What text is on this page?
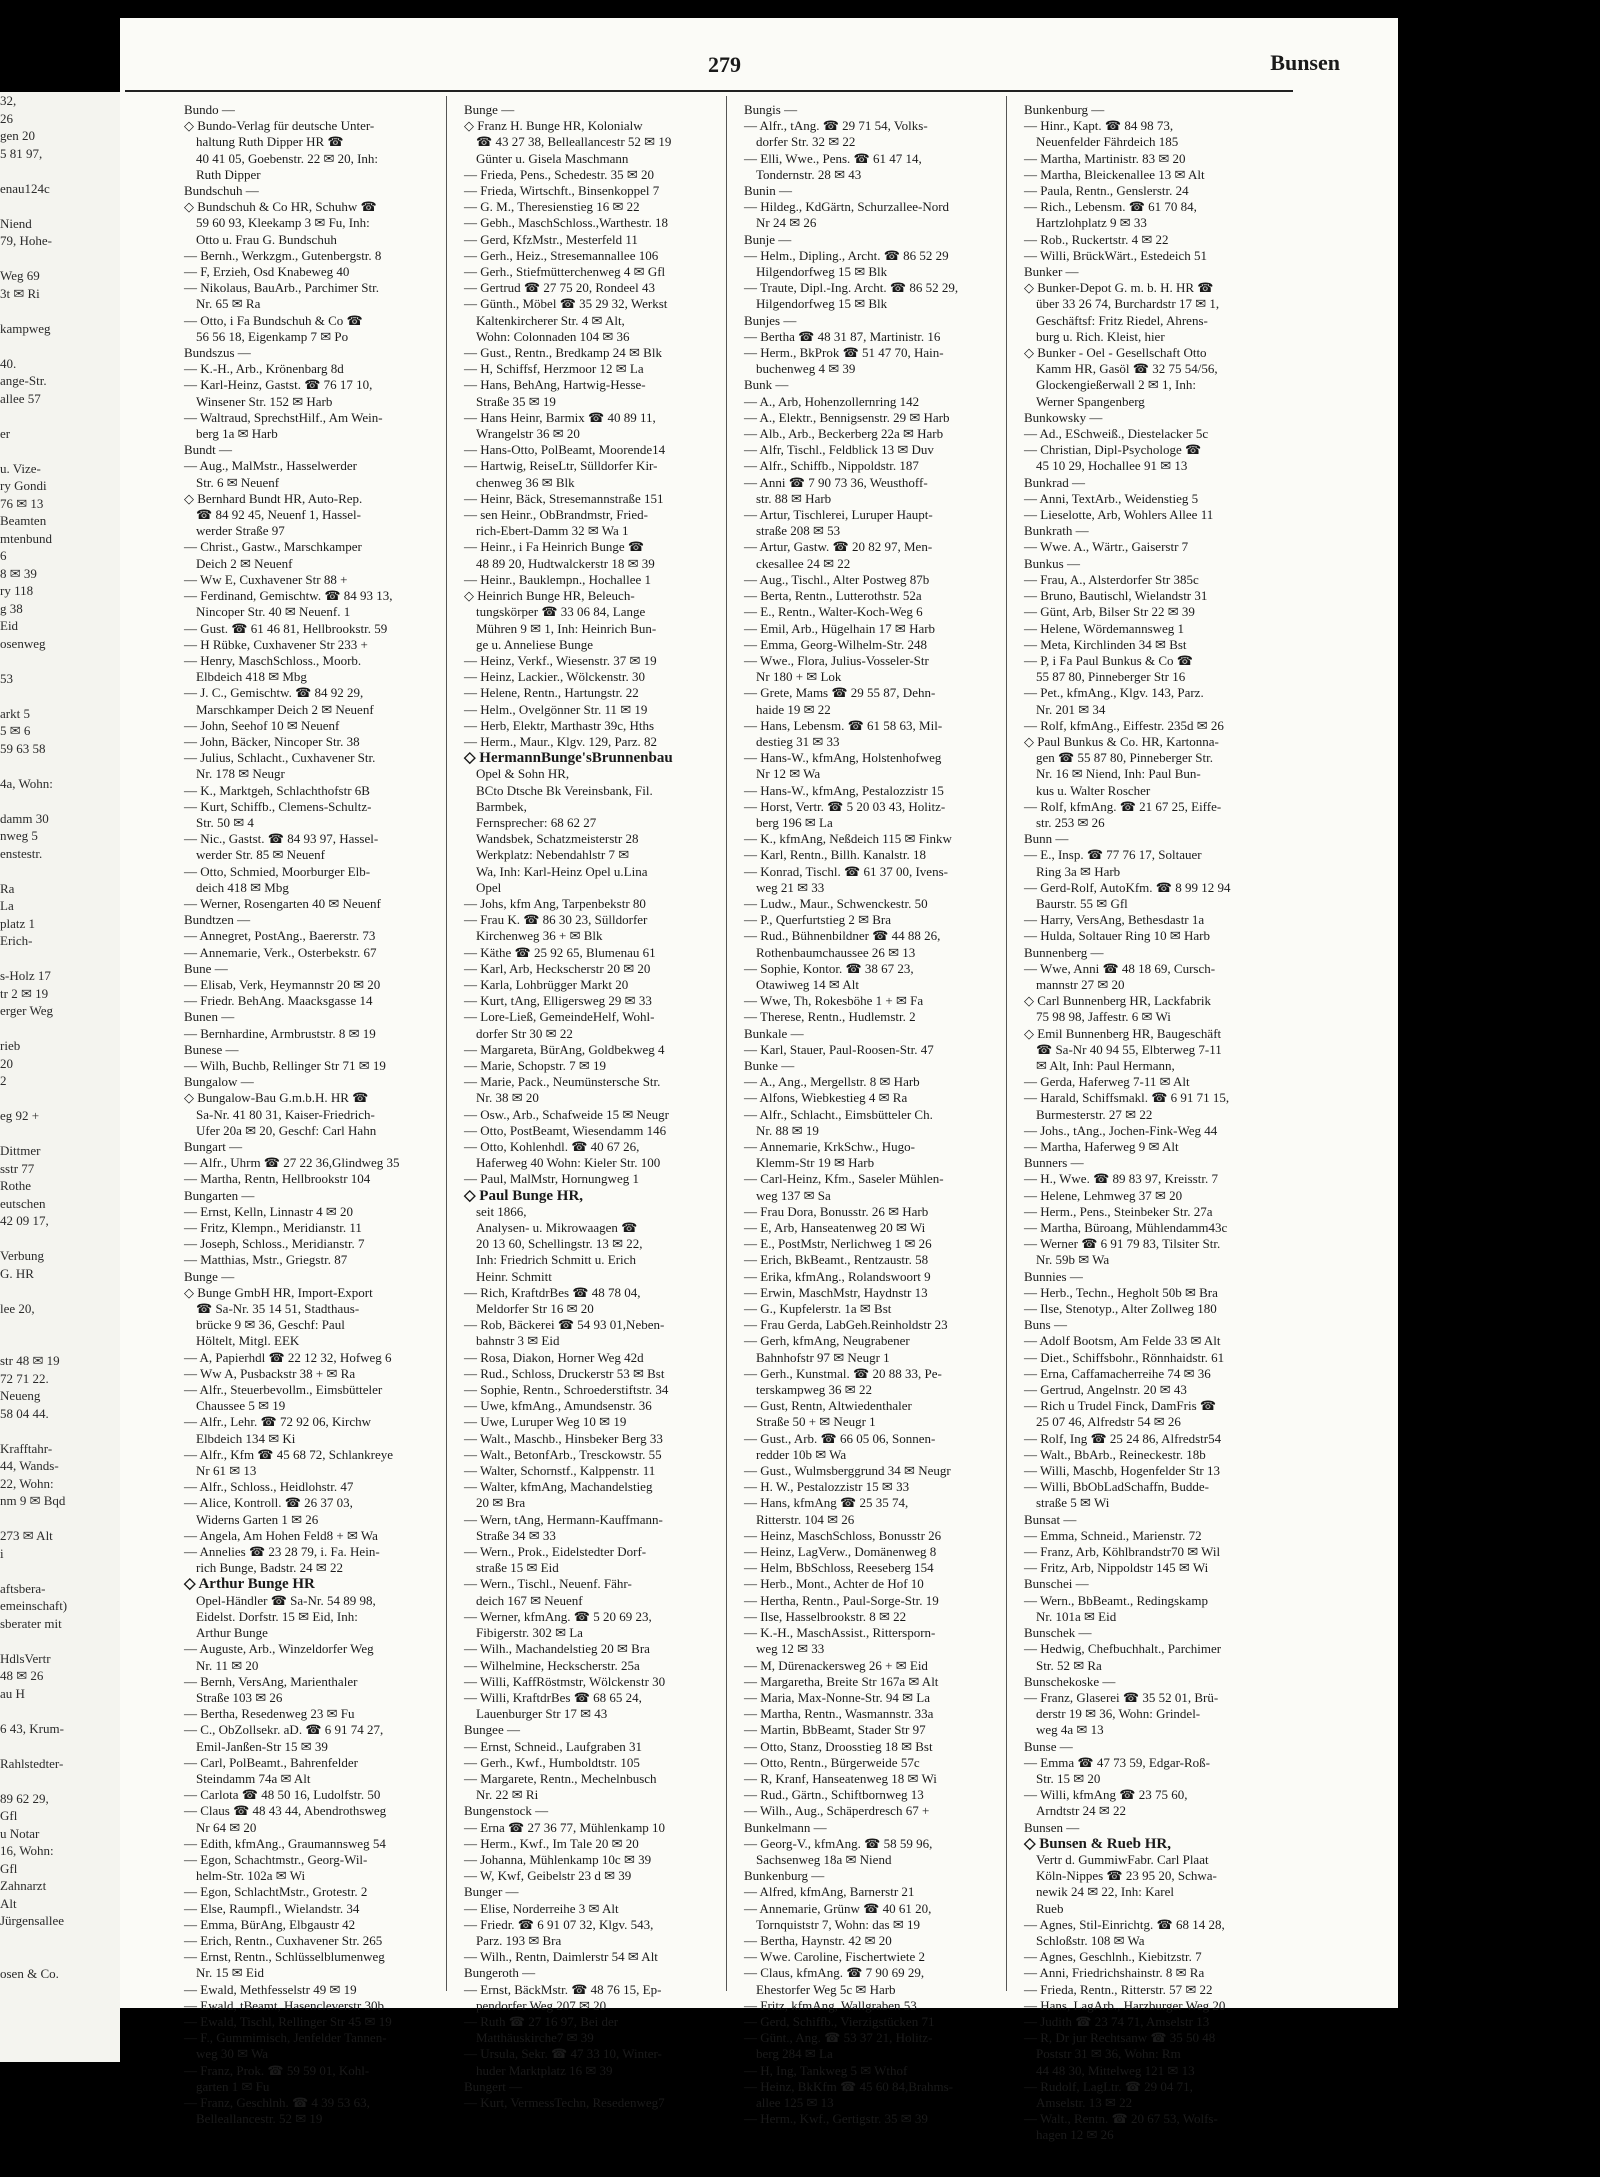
32,
26
gen 20
5 81 97,

enau124c

Niend
79, Hohe-

Weg 69
3t ✉ Ri

kampweg

40.
ange-Str.
allee 57

er

u. Vize-
ry Gondi
76 ✉ 13
Beamten
mtenbund
6
8 ✉ 39
ry 118
g 38
Eid
osenweg

53

arkt 5
5 ✉ 6
59 63 58

4a, Wohn:

damm 30
nweg 5
enstestr.

Ra
La
platz 1
Erich-

s-Holz 17
tr 2 ✉ 19
erger Weg

rieb
20
2

eg 92 +

Dittmer
sstr 77
Rothe
eutschen
42 09 17,

Verbung
G. HR

lee 20,

str 48 ✉ 19
72 71 22.
Neueng
58 04 44.

Krafftahr-
44, Wands-
22, Wohn:
nm 9 ✉ Bqd

273 ✉ Alt
i

aftsbera-
emeinschaft)
sberater mit

HdlsVertr
48 ✉ 26
au H

6 43, Krum-

Rahlstedter-

89 62 29,
Gfl
u Notar
16, Wohn:
Gfl
Zahnarzt
Alt
Jürgensallee

osen & Co.
279	Bunsen
Bundo —
◇ Bundo-Verlag für deutsche Unter-
haltung Ruth Dipper HR ☎
40 41 05, Goebenstr. 22 ✉ 20, Inh:
Ruth Dipper
Bundschuh —
◇ Bundschuh & Co HR, Schuhw ☎
59 60 93, Kleekamp 3 ✉ Fu, Inh:
Otto u. Frau G. Bundschuh
— Bernh., Werkzgm., Gutenbergstr. 8
— F, Erzieh, Osd Knabeweg 40
— Nikolaus, BauArb., Parchimer Str.
Nr. 65 ✉ Ra
— Otto, i Fa Bundschuh & Co ☎
56 56 18, Eigenkamp 7 ✉ Po
Bundszus —
— K.-H., Arb., Krönenbarg 8d
— Karl-Heinz, Gastst. ☎ 76 17 10,
Winsener Str. 152 ✉ Harb
— Waltraud, SprechstHilf., Am Wein-
berg 1a ✉ Harb
Bundt —
— Aug., MalMstr., Hasselwerder
Str. 6 ✉ Neuenf
◇ Bernhard Bundt HR, Auto-Rep.
☎ 84 92 45, Neuenf 1, Hassel-
werder Straße 97
— Christ., Gastw., Marschkamper
Deich 2 ✉ Neuenf
— Ww E, Cuxhavener Str 88 +
— Ferdinand, Gemischtw. ☎ 84 93 13,
Nincoper Str. 40 ✉ Neuenf. 1
— Gust. ☎ 61 46 81, Hellbrookstr. 59
— H Rübke, Cuxhavener Str 233 +
— Henry, MaschSchloss., Moorb.
Elbdeich 418 ✉ Mbg
— J. C., Gemischtw. ☎ 84 92 29,
Marschkamper Deich 2 ✉ Neuenf
— John, Seehof 10 ✉ Neuenf
— John, Bäcker, Nincoper Str. 38
— Julius, Schlacht., Cuxhavener Str.
Nr. 178 ✉ Neugr
— K., Marktgeh, Schlachthofstr 6B
— Kurt, Schiffb., Clemens-Schultz-
Str. 50 ✉ 4
— Nic., Gastst. ☎ 84 93 97, Hassel-
werder Str. 85 ✉ Neuenf
— Otto, Schmied, Moorburger Elb-
deich 418 ✉ Mbg
— Werner, Rosengarten 40 ✉ Neuenf
Bundtzen —
— Annegret, PostAng., Baererstr. 73
— Annemarie, Verk., Osterbekstr. 67
Bune —
— Elisab, Verk, Heymannstr 20 ✉ 20
— Friedr. BehAng. Maacksgasse 14
Bunen —
— Bernhardine, Armbruststr. 8 ✉ 19
Bunese —
— Wilh, Buchb, Rellinger Str 71 ✉ 19
Bungalow —
◇ Bungalow-Bau G.m.b.H. HR ☎
Sa-Nr. 41 80 31, Kaiser-Friedrich-
Ufer 20a ✉ 20, Geschf: Carl Hahn
Bungart —
— Alfr., Uhrm ☎ 27 22 36,Glindweg 35
— Martha, Rentn, Hellbrookstr 104
Bungarten —
— Ernst, Kelln, Linnastr 4 ✉ 20
— Fritz, Klempn., Meridianstr. 11
— Joseph, Schloss., Meridianstr. 7
— Matthias, Mstr., Griegstr. 87
Bunge —
◇ Bunge GmbH HR, Import-Export
☎ Sa-Nr. 35 14 51, Stadthaus-
brücke 9 ✉ 36, Geschf: Paul
Höltelt, Mitgl. EEK
— A, Papierhdl ☎ 22 12 32, Hofweg 6
— Ww A, Pusbackstr 38 + ✉ Ra
— Alfr., Steuerbevollm., Eimsbütteler
Chaussee 5 ✉ 19
— Alfr., Lehr. ☎ 72 92 06, Kirchw
Elbdeich 134 ✉ Ki
— Alfr., Kfm ☎ 45 68 72, Schlankreye
Nr 61 ✉ 13
— Alfr., Schloss., Heidlohstr. 47
— Alice, Kontroll. ☎ 26 37 03,
Widerns Garten 1 ✉ 26
— Angela, Am Hohen Feld8 + ✉ Wa
— Annelies ☎ 23 28 79, i. Fa. Hein-
rich Bunge, Badstr. 24 ✉ 22
◇ Arthur Bunge HR
Opel-Händler ☎ Sa-Nr. 54 89 98,
Eidelst. Dorfstr. 15 ✉ Eid, Inh:
Arthur Bunge
— Auguste, Arb., Winzeldorfer Weg
Nr. 11 ✉ 20
— Bernh, VersAng, Marienthaler
Straße 103 ✉ 26
— Bertha, Resedenweg 23 ✉ Fu
— C., ObZollsekr. aD. ☎ 6 91 74 27,
Emil-Janßen-Str 15 ✉ 39
— Carl, PolBeamt., Bahrenfelder
Steindamm 74a ✉ Alt
— Carlota ☎ 48 50 16, Ludolfstr. 50
— Claus ☎ 48 43 44, Abendrothsweg
Nr 64 ✉ 20
— Edith, kfmAng., Graumannsweg 54
— Egon, Schachtmstr., Georg-Wil-
helm-Str. 102a ✉ Wi
— Egon, SchlachtMstr., Grotestr. 2
— Else, Raumpfl., Wielandstr. 34
— Emma, BürAng, Elbgaustr 42
— Erich, Rentn., Cuxhavener Str. 265
— Ernst, Rentn., Schlüsselblumenweg
Nr. 15 ✉ Eid
— Ewald, Methfesselstr 49 ✉ 19
— Ewald, tBeamt, Hasencleverstr 30b
— Ewald, Tischl, Rellinger Str 45 ✉ 19
— F., Gummimisch, Jenfelder Tannen-
weg 30 ✉ Wa
— Franz, Prok. ☎ 59 59 01, Kohl-
garten 1 ✉ Fu
— Franz, Geschlnh. ☎ 4 39 53 63,
Belleallancestr. 52 ✉ 19
Bunge —
◇ Franz H. Bunge HR, Kolonialw
☎ 43 27 38, Belleallancestr 52 ✉ 19
Günter u. Gisela Maschmann
— Frieda, Pens., Schedestr. 35 ✉ 20
— Frieda, Wirtschft., Binsenkoppel 7
— G. M., Theresienstieg 16 ✉ 22
— Gebh., MaschSchloss.,Warthestr. 18
— Gerd, KfzMstr., Mesterfeld 11
— Gerh., Heiz., Stresemannallee 106
— Gerh., Stiefmütterchenweg 4 ✉ Gfl
— Gertrud ☎ 27 75 20, Rondeel 43
— Günth., Möbel ☎ 35 29 32, Werkst
Kaltenkircherer Str. 4 ✉ Alt,
Wohn: Colonnaden 104 ✉ 36
— Gust., Rentn., Bredkamp 24 ✉ Blk
— H, Schiffsf, Herzmoor 12 ✉ La
— Hans, BehAng, Hartwig-Hesse-
Straße 35 ✉ 19
— Hans Heinr, Barmix ☎ 40 89 11,
Wrangelstr 36 ✉ 20
— Hans-Otto, PolBeamt, Moorende14
— Hartwig, ReiseLtr, Sülldorfer Kir-
chenweg 36 ✉ Blk
— Heinr, Bäck, Stresemannstraße 151
— sen Heinr., ObBrandmstr, Fried-
rich-Ebert-Damm 32 ✉ Wa 1
— Heinr., i Fa Heinrich Bunge ☎
48 89 20, Hudtwalckerstr 18 ✉ 39
— Heinr., Bauklempn., Hochallee 1
◇ Heinrich Bunge HR, Beleuch-
tungskörper ☎ 33 06 84, Lange
Mühren 9 ✉ 1, Inh: Heinrich Bun-
ge u. Anneliese Bunge
— Heinz, Verkf., Wiesenstr. 37 ✉ 19
— Heinz, Lackier., Wölckenstr. 30
— Helene, Rentn., Hartungstr. 22
— Helm., Ovelgönner Str. 11 ✉ 19
— Herb, Elektr, Marthastr 39c, Hths
— Herm., Maur., Klgv. 129, Parz. 82
◇ HermannBunge'sBrunnenbau
Opel & Sohn HR,
BCto Dtsche Bk Vereinsbank, Fil.
Barmbek,
Fernsprecher: 68 62 27
Wandsbek, Schatzmeisterstr 28
Werkplatz: Nebendahlstr 7 ✉
Wa, Inh: Karl-Heinz Opel u.Lina
Opel
— Johs, kfm Ang, Tarpenbekstr 80
— Frau K. ☎ 86 30 23, Sülldorfer
Kirchenweg 36 + ✉ Blk
— Käthe ☎ 25 92 65, Blumenau 61
— Karl, Arb, Heckscherstr 20 ✉ 20
— Karla, Lohbrügger Markt 20
— Kurt, tAng, Elligersweg 29 ✉ 33
— Lore-Ließ, GemeindeHelf, Wohl-
dorfer Str 30 ✉ 22
— Margareta, BürAng, Goldbekweg 4
— Marie, Schopstr. 7 ✉ 19
— Marie, Pack., Neumünstersche Str.
Nr. 38 ✉ 20
— Osw., Arb., Schafweide 15 ✉ Neugr
— Otto, PostBeamt, Wiesendamm 146
— Otto, Kohlenhdl. ☎ 40 67 26,
Haferweg 40 Wohn: Kieler Str. 100
— Paul, MalMstr, Hornungweg 1
◇ Paul Bunge HR,
seit 1866,
Analysen- u. Mikrowaagen ☎
20 13 60, Schellingstr. 13 ✉ 22,
Inh: Friedrich Schmitt u. Erich
Heinr. Schmitt
— Rich, KraftdrBes ☎ 48 78 04,
Meldorfer Str 16 ✉ 20
— Rob, Bäckerei ☎ 54 93 01,Neben-
bahnstr 3 ✉ Eid
— Rosa, Diakon, Horner Weg 42d
— Rud., Schloss, Druckerstr 53 ✉ Bst
— Sophie, Rentn., Schroederstiftstr. 34
— Uwe, kfmAng., Amundsenstr. 36
— Uwe, Luruper Weg 10 ✉ 19
— Walt., Maschb., Hinsbeker Berg 33
— Walt., BetonfArb., Tresckowstr. 55
— Walter, Schornstf., Kalppenstr. 11
— Walter, kfmAng, Machandelstieg
20 ✉ Bra
— Wern, tAng, Hermann-Kauffmann-
Straße 34 ✉ 33
— Wern., Prok., Eidelstedter Dorf-
straße 15 ✉ Eid
— Wern., Tischl., Neuenf. Fähr-
deich 167 ✉ Neuenf
— Werner, kfmAng. ☎ 5 20 69 23,
Fibigerstr. 302 ✉ La
— Wilh., Machandelstieg 20 ✉ Bra
— Wilhelmine, Heckscherstr. 25a
— Willi, KaffRöstmstr, Wölckenstr 30
— Willi, KraftdrBes ☎ 68 65 24,
Lauenburger Str 17 ✉ 43
Bungee —
— Ernst, Schneid., Laufgraben 31
— Gerh., Kwf., Humboldtstr. 105
— Margarete, Rentn., Mechelnbusch
Nr. 22 ✉ Ri
Bungenstock —
— Erna ☎ 27 36 77, Mühlenkamp 10
— Herm., Kwf., Im Tale 20 ✉ 20
— Johanna, Mühlenkamp 10c ✉ 39
— W, Kwf, Geibelstr 23 d ✉ 39
Bunger —
— Elise, Norderreihe 3 ✉ Alt
— Friedr. ☎ 6 91 07 32, Klgv. 543,
Parz. 193 ✉ Bra
— Wilh., Rentn, Daimlerstr 54 ✉ Alt
Bungeroth —
— Ernst, BäckMstr. ☎ 48 76 15, Ep-
pendorfer Weg 207 ✉ 20
— Ruth ☎ 27 16 97, Bei der
Matthäuskirche7 ✉ 39
— Ursula, Sekr. ☎ 47 33 10, Winter-
huder Marktplatz 16 ✉ 39
Bungert —
— Kurt, VermessTechn, Resedenweg7
Bungis —
— Alfr., tAng. ☎ 29 71 54, Volks-
dorfer Str. 32 ✉ 22
— Elli, Wwe., Pens. ☎ 61 47 14,
Tondernstr. 28 ✉ 43
Bunin —
— Hildeg., KdGärtn, Schurzallee-Nord
Nr 24 ✉ 26
Bunje —
— Helm., Dipling., Archt. ☎ 86 52 29
Hilgendorfweg 15 ✉ Blk
— Traute, Dipl.-Ing. Archt. ☎ 86 52 29,
Hilgendorfweg 15 ✉ Blk
Bunjes —
— Bertha ☎ 48 31 87, Martinistr. 16
— Herm., BkProk ☎ 51 47 70, Hain-
buchenweg 4 ✉ 39
Bunk —
— A., Arb, Hohenzollernring 142
— A., Elektr., Bennigsenstr. 29 ✉ Harb
— Alb., Arb., Beckerberg 22a ✉ Harb
— Alfr, Tischl., Feldblick 13 ✉ Duv
— Alfr., Schiffb., Nippoldstr. 187
— Anni ☎ 7 90 73 36, Weusthoff-
str. 88 ✉ Harb
— Artur, Tischlerei, Luruper Haupt-
straße 208 ✉ 53
— Artur, Gastw. ☎ 20 82 97, Men-
ckesallee 24 ✉ 22
— Aug., Tischl., Alter Postweg 87b
— Berta, Rentn., Lutterothstr. 52a
— E., Rentn., Walter-Koch-Weg 6
— Emil, Arb., Hügelhain 17 ✉ Harb
— Emma, Georg-Wilhelm-Str. 248
— Wwe., Flora, Julius-Vosseler-Str
Nr 180 + ✉ Lok
— Grete, Mams ☎ 29 55 87, Dehn-
haide 19 ✉ 22
— Hans, Lebensm. ☎ 61 58 63, Mil-
destieg 31 ✉ 33
— Hans-W., kfmAng, Holstenhofweg
Nr 12 ✉ Wa
— Hans-W., kfmAng, Pestalozzistr 15
— Horst, Vertr. ☎ 5 20 03 43, Holitz-
berg 196 ✉ La
— K., kfmAng, Neßdeich 115 ✉ Finkw
— Karl, Rentn., Billh. Kanalstr. 18
— Konrad, Tischl. ☎ 61 37 00, Ivens-
weg 21 ✉ 33
— Ludw., Maur., Schwenckestr. 50
— P., Querfurtstieg 2 ✉ Bra
— Rud., Bühnenbildner ☎ 44 88 26,
Rothenbaumchaussee 26 ✉ 13
— Sophie, Kontor. ☎ 38 67 23,
Otawiweg 14 ✉ Alt
— Wwe, Th, Rokesböhe 1 + ✉ Fa
— Therese, Rentn., Hudlemstr. 2
Bunkale —
— Karl, Stauer, Paul-Roosen-Str. 47
Bunke —
— A., Ang., Mergellstr. 8 ✉ Harb
— Alfons, Wiebkestieg 4 ✉ Ra
— Alfr., Schlacht., Eimsbütteler Ch.
Nr. 88 ✉ 19
— Annemarie, KrkSchw., Hugo-
Klemm-Str 19 ✉ Harb
— Carl-Heinz, Kfm., Saseler Mühlen-
weg 137 ✉ Sa
— Frau Dora, Bonusstr. 26 ✉ Harb
— E, Arb, Hanseatenweg 20 ✉ Wi
— E., PostMstr, Nerlichweg 1 ✉ 26
— Erich, BkBeamt., Rentzaustr. 58
— Erika, kfmAng., Rolandswoort 9
— Erwin, MaschMstr, Haydnstr 13
— G., Kupfelerstr. 1a ✉ Bst
— Frau Gerda, LabGeh.Reinholdstr 23
— Gerh, kfmAng, Neugrabener
Bahnhofstr 97 ✉ Neugr 1
— Gerh., Kunstmal. ☎ 20 88 33, Pe-
terskampweg 36 ✉ 22
— Gust, Rentn, Altwiedenthaler
Straße 50 + ✉ Neugr 1
— Gust., Arb. ☎ 66 05 06, Sonnen-
redder 10b ✉ Wa
— Gust., Wulmsberggrund 34 ✉ Neugr
— H. W., Pestalozzistr 15 ✉ 33
— Hans, kfmAng ☎ 25 35 74,
Ritterstr. 104 ✉ 26
— Heinz, MaschSchloss, Bonusstr 26
— Heinz, LagVerw., Domänenweg 8
— Helm, BbSchloss, Reeseberg 154
— Herb., Mont., Achter de Hof 10
— Hertha, Rentn., Paul-Sorge-Str. 19
— Ilse, Hasselbrookstr. 8 ✉ 22
— K.-H., MaschAssist., Rittersporn-
weg 12 ✉ 33
— M, Dürenackersweg 26 + ✉ Eid
— Margaretha, Breite Str 167a ✉ Alt
— Maria, Max-Nonne-Str. 94 ✉ La
— Martha, Rentn., Wasmannstr. 33a
— Martin, BbBeamt, Stader Str 97
— Otto, Stanz, Droosstieg 18 ✉ Bst
— Otto, Rentn., Bürgerweide 57c
— R, Kranf, Hanseatenweg 18 ✉ Wi
— Rud., Gärtn., Schiftbornweg 13
— Wilh., Aug., Schäperdresch 67 +
Bunkelmann —
— Georg-V., kfmAng. ☎ 58 59 96,
Sachsenweg 18a ✉ Niend
Bunkenburg —
— Alfred, kfmAng, Barnerstr 21
— Annemarie, Grünw ☎ 40 61 20,
Tornquiststr 7, Wohn: das ✉ 19
— Bertha, Haynstr. 42 ✉ 20
— Wwe. Caroline, Fischertwiete 2
— Claus, kfmAng. ☎ 7 90 69 29,
Ehestorfer Weg 5c ✉ Harb
— Fritz, kfmAng, Wallgraben 53
— Gerd, Schiffb., Vierzigstücken 71
— Günt., Ang. ☎ 53 37 21, Holitz-
berg 284 ✉ La
— H, Ing, Tankweg 5 ✉ Wthof
— Heinz, BkKfm ☎ 45 60 84,Brahms-
allee 125 ✉ 13
— Herm., Kwf., Gertigstr. 35 ✉ 39
Bunkenburg —
— Hinr., Kapt. ☎ 84 98 73,
Neuenfelder Fährdeich 185
— Martha, Martinistr. 83 ✉ 20
— Martha, Bleickenallee 13 ✉ Alt
— Paula, Rentn., Genslerstr. 24
— Rich., Lebensm. ☎ 61 70 84,
Hartzlohplatz 9 ✉ 33
— Rob., Ruckertstr. 4 ✉ 22
— Willi, BrückWärt., Estedeich 51
Bunker —
◇ Bunker-Depot G. m. b. H. HR ☎
über 33 26 74, Burchardstr 17 ✉ 1,
Geschäftsf: Fritz Riedel, Ahrens-
burg u. Rich. Kleist, hier
◇ Bunker - Oel - Gesellschaft Otto
Kamm HR, Gasöl ☎ 32 75 54/56,
Glockengießerwall 2 ✉ 1, Inh:
Werner Spangenberg
Bunkowsky —
— Ad., ESchweiß., Diestelacker 5c
— Christian, Dipl-Psychologe ☎
45 10 29, Hochallee 91 ✉ 13
Bunkrad —
— Anni, TextArb., Weidenstieg 5
— Lieselotte, Arb, Wohlers Allee 11
Bunkrath —
— Wwe. A., Wärtr., Gaiserstr 7
Bunkus —
— Frau, A., Alsterdorfer Str 385c
— Bruno, Bautischl, Wielandstr 31
— Günt, Arb, Bilser Str 22 ✉ 39
— Helene, Wördemannsweg 1
— Meta, Kirchlinden 34 ✉ Bst
— P, i Fa Paul Bunkus & Co ☎
55 87 80, Pinneberger Str 16
— Pet., kfmAng., Klgv. 143, Parz.
Nr. 201 ✉ 34
— Rolf, kfmAng., Eiffestr. 235d ✉ 26
◇ Paul Bunkus & Co. HR, Kartonna-
gen ☎ 55 87 80, Pinneberger Str.
Nr. 16 ✉ Niend, Inh: Paul Bun-
kus u. Walter Roscher
— Rolf, kfmAng. ☎ 21 67 25, Eiffe-
str. 253 ✉ 26
Bunn —
— E., Insp. ☎ 77 76 17, Soltauer
Ring 3a ✉ Harb
— Gerd-Rolf, AutoKfm. ☎ 8 99 12 94
Baurstr. 55 ✉ Gfl
— Harry, VersAng, Bethesdastr 1a
— Hulda, Soltauer Ring 10 ✉ Harb
Bunnenberg —
— Wwe, Anni ☎ 48 18 69, Cursch-
mannstr 27 ✉ 20
◇ Carl Bunnenberg HR, Lackfabrik
75 98 98, Jaffestr. 6 ✉ Wi
◇ Emil Bunnenberg HR, Baugeschäft
☎ Sa-Nr 40 94 55, Elbterweg 7-11
✉ Alt, Inh: Paul Hermann,
— Gerda, Haferweg 7-11 ✉ Alt
— Harald, Schiffsmakl. ☎ 6 91 71 15,
Burmesterstr. 27 ✉ 22
— Johs., tAng., Jochen-Fink-Weg 44
— Martha, Haferweg 9 ✉ Alt
Bunners —
— H., Wwe. ☎ 89 83 97, Kreisstr. 7
— Helene, Lehmweg 37 ✉ 20
— Herm., Pens., Steinbeker Str. 27a
— Martha, Büroang, Mühlendamm43c
— Werner ☎ 6 91 79 83, Tilsiter Str.
Nr. 59b ✉ Wa
Bunnies —
— Herb., Techn., Hegholt 50b ✉ Bra
— Ilse, Stenotyp., Alter Zollweg 180
Buns —
— Adolf Bootsm, Am Felde 33 ✉ Alt
— Diet., Schiffsbohr., Rönnhaidstr. 61
— Erna, Caffamacherreihe 74 ✉ 36
— Gertrud, Angelnstr. 20 ✉ 43
— Rich u Trudel Finck, DamFris ☎
25 07 46, Alfredstr 54 ✉ 26
— Rolf, Ing ☎ 25 24 86, Alfredstr54
— Walt., BbArb., Reineckestr. 18b
— Willi, Maschb, Hogenfelder Str 13
— Willi, BbObLadSchaffn, Budde-
straße 5 ✉ Wi
Bunsat —
— Emma, Schneid., Marienstr. 72
— Franz, Arb, Köhlbrandstr70 ✉ Wil
— Fritz, Arb, Nippoldstr 145 ✉ Wi
Bunschei —
— Wern., BbBeamt., Redingskamp
Nr. 101a ✉ Eid
Bunschek —
— Hedwig, Chefbuchhalt., Parchimer
Str. 52 ✉ Ra
Bunschekoske —
— Franz, Glaserei ☎ 35 52 01, Brü-
derstr 19 ✉ 36, Wohn: Grindel-
weg 4a ✉ 13
Bunse —
— Emma ☎ 47 73 59, Edgar-Roß-
Str. 15 ✉ 20
— Willi, kfmAng ☎ 23 75 60,
Arndtstr 24 ✉ 22
Bunsen —
◇ Bunsen & Rueb HR,
Vertr d. GummiwFabr. Carl Plaat
Köln-Nippes ☎ 23 95 20, Schwa-
newik 24 ✉ 22, Inh: Karel
Rueb
— Agnes, Stil-Einrichtg. ☎ 68 14 28,
Schloßstr. 108 ✉ Wa
— Agnes, Geschlnh., Kiebitzstr. 7
— Anni, Friedrichshainstr. 8 ✉ Ra
— Frieda, Rentn., Ritterstr. 57 ✉ 22
— Hans, LagArb., Harzburger Weg 20
— Judith ☎ 23 74 71, Amselstr 13
— R, Dr jur Rechtsanw ☎ 35 50 48
Poststr 31 ✉ 36, Wohn: Rm
44 48 30, Mittelweg 121 ✉ 13
— Rudolf, LagLtr. ☎ 29 04 71,
Amselstr. 13 ✉ 22
— Walt., Rentn. ☎ 20 67 53, Wolfs-
hagen 12 ✉ 26
